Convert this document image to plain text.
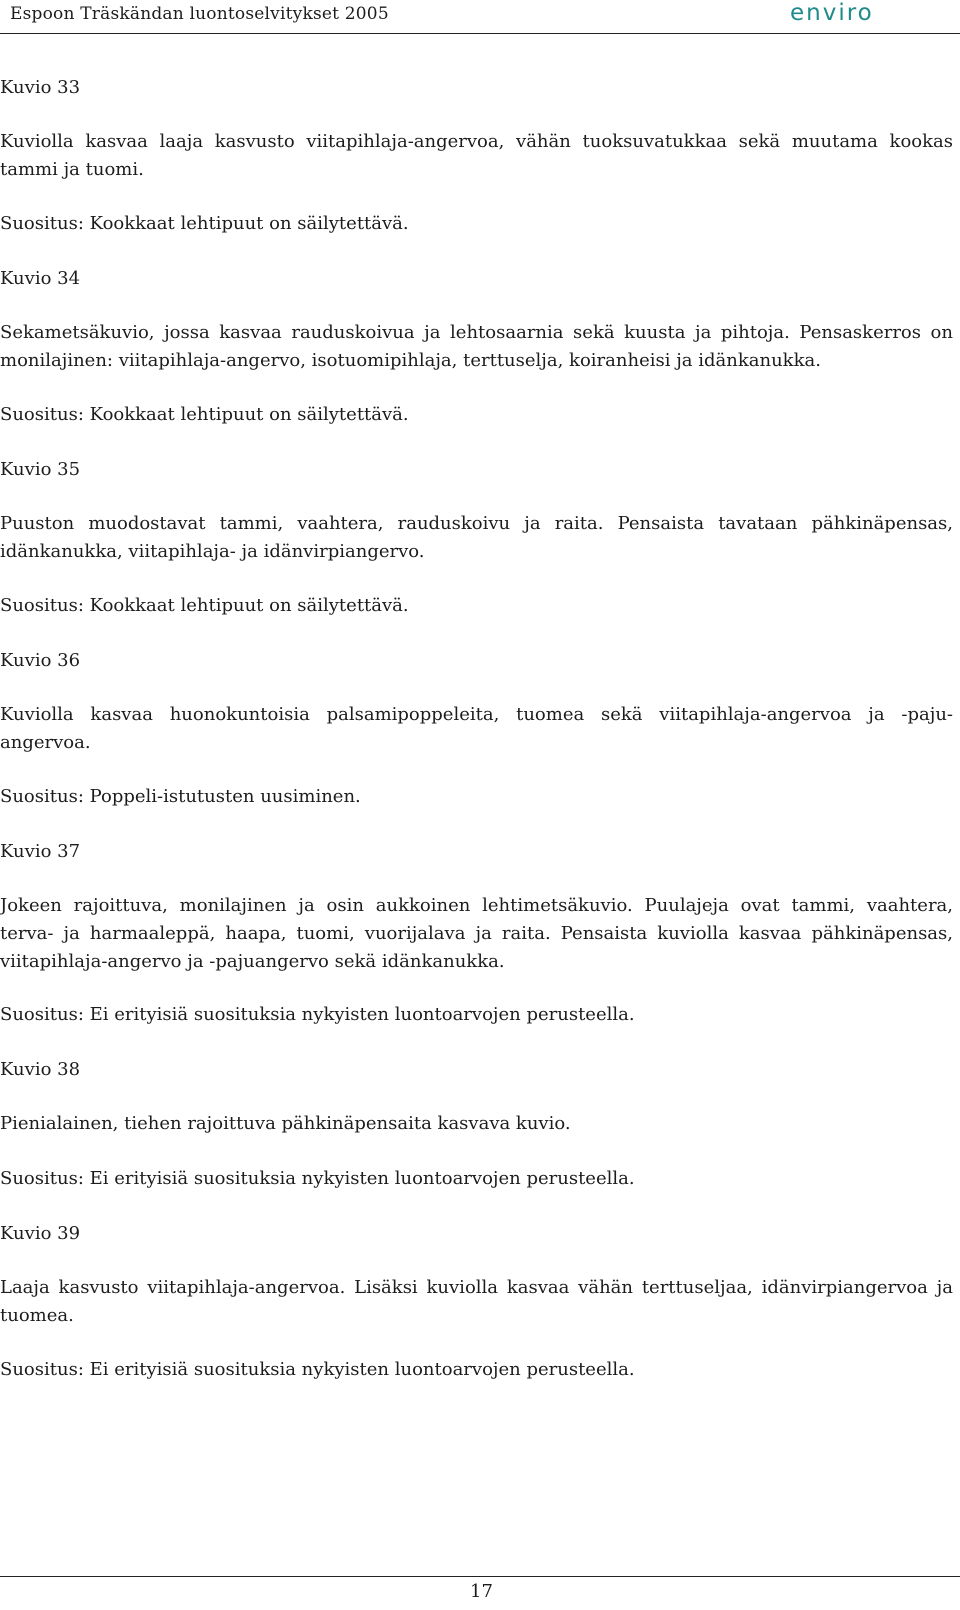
Espoon Träskändan luontoselvitykset 2005	enviro

Kuvio 33

Kuviolla kasvaa laaja kasvusto viitapihlaja-angervoa, vähän tuoksuvatukkaa sekä muutama kookas
tammi ja tuomi.

Suositus: Kookkaat lehtipuut on säilytettävä.

Kuvio 34

Sekametsäkuvio, jossa kasvaa rauduskoivua ja lehtosaarnia sekä kuusta ja pihtoja. Pensaskerros on
monilajinen: viitapihlaja-angervo, isotuomipihlaja, terttuselja, koiranheisi ja idänkanukka.

Suositus: Kookkaat lehtipuut on säilytettävä.

Kuvio 35

Puuston muodostavat tammi, vaahtera, rauduskoivu ja raita. Pensaista tavataan pähkinäpensas,
idänkanukka, viitapihlaja- ja idänvirpiangervo.

Suositus: Kookkaat lehtipuut on säilytettävä.

Kuvio 36

Kuviolla kasvaa huonokuntoisia palsamipoppeleita, tuomea sekä viitapihlaja-angervoa ja -paju-
angervoa.

Suositus: Poppeli-istutusten uusiminen.

Kuvio 37

Jokeen rajoittuva, monilajinen ja osin aukkoinen lehtimetsäkuvio. Puulajeja ovat tammi, vaahtera,
terva- ja harmaaleppä, haapa, tuomi, vuorijalava ja raita. Pensaista kuviolla kasvaa pähkinäpensas,
viitapihlaja-angervo ja -pajuangervo sekä idänkanukka.

Suositus: Ei erityisiä suosituksia nykyisten luontoarvojen perusteella.

Kuvio 38

Pienialainen, tiehen rajoittuva pähkinäpensaita kasvava kuvio.

Suositus: Ei erityisiä suosituksia nykyisten luontoarvojen perusteella.

Kuvio 39

Laaja kasvusto viitapihlaja-angervoa. Lisäksi kuviolla kasvaa vähän terttuseljaa, idänvirpiangervoa ja
tuomea.

Suositus: Ei erityisiä suosituksia nykyisten luontoarvojen perusteella.

17
